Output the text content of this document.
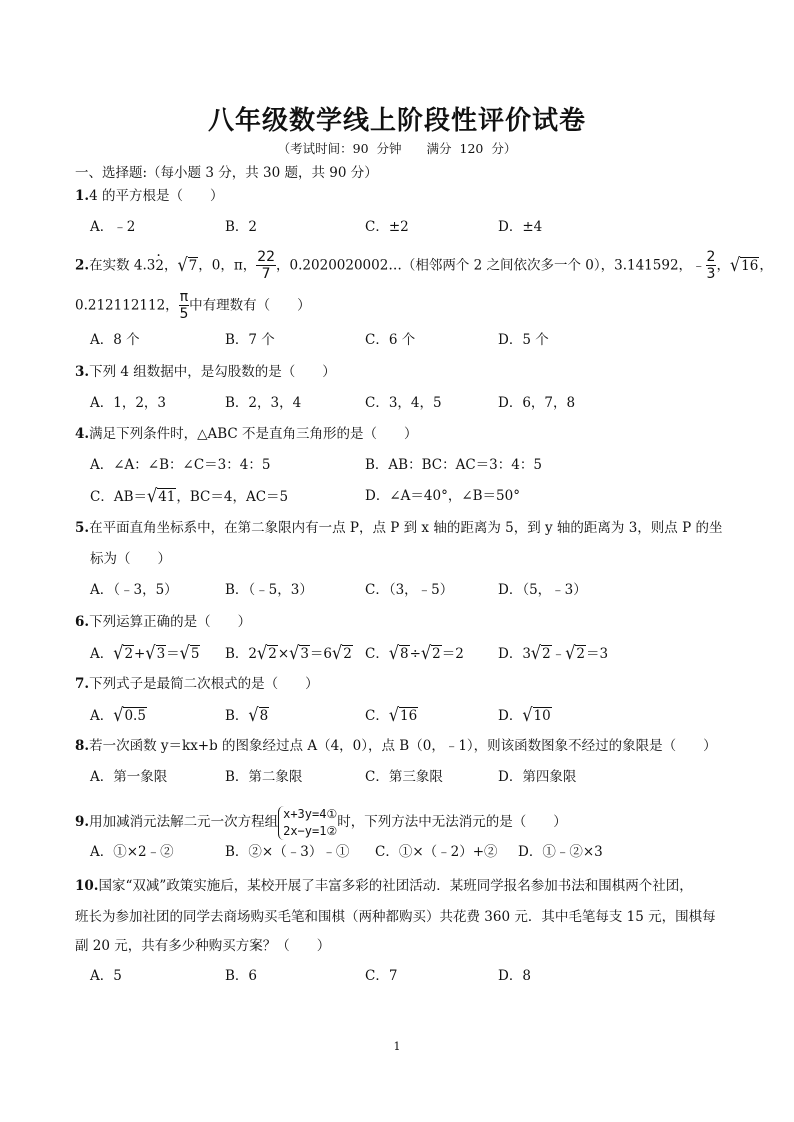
八年级数学线上阶段性评价试卷
（考试时间：90 分钟　　满分 120 分）
一、选择题:（每小题 3 分，共 30 题，共 90 分）
1.4 的平方根是（　　）
A．﹣2	B．2	C．±2	D．±4
2.在实数 4.3· 2，√7，0，π， $\frac{22}{7}$ ，0.2020020002…（相邻两个 2 之间依次多一个 0），3.141592，﹣ $\frac{2}{3}$ ，√16，
0.212112112， $\frac{\pi}{5}$ 中有理数有（　　）
A．8 个	B．7 个	C．6 个	D．5 个
3.下列 4 组数据中，是勾股数的是（　　）
A．1，2，3	B．2，3，4	C．3，4，5	D．6，7，8
4.满足下列条件时，△ABC 不是直角三角形的是（　　）
A．∠A：∠B：∠C＝3：4：5	B．AB：BC：AC＝3：4：5
C．AB＝√41，BC＝4，AC＝5	D．∠A＝40°，∠B＝50°
5.在平面直角坐标系中，在第二象限内有一点 P，点 P 到 x 轴的距离为 5，到 y 轴的距离为 3，则点 P 的坐
标为（　　）
A．（﹣3，5）	B．（﹣5，3）	C．（3，﹣5）	D．（5，﹣3）
6.下列运算正确的是（　　）
A．√2+√3＝√5 B．2√2×√3＝6√2 C．√8÷√2＝2	D．3√2﹣√2＝3
7.下列式子是最简二次根式的是（　　）
A．√0.5	B．√8	C．√16	D．√10
8.若一次函数 y＝kx+b 的图象经过点 A（4，0），点 B（0，﹣1），则该函数图象不经过的象限是（　　）
A．第一象限	B．第二象限	C．第三象限	D．第四象限
9.用加减消元法解二元一次方程组
x+3y=4①
2x−y=1②
时，下列方法中无法消元的是（　　）
A．①×2﹣②	B．②×（﹣3）﹣① C．①×（﹣2）+② D．①﹣②×3
10.国家“双减”政策实施后，某校开展了丰富多彩的社团活动．某班同学报名参加书法和围棋两个社团，
班长为参加社团的同学去商场购买毛笔和围棋（两种都购买）共花费 360 元．其中毛笔每支 15 元，围棋每
副 20 元，共有多少种购买方案？（　　）
A．5	B．6	C．7	D．8
1
